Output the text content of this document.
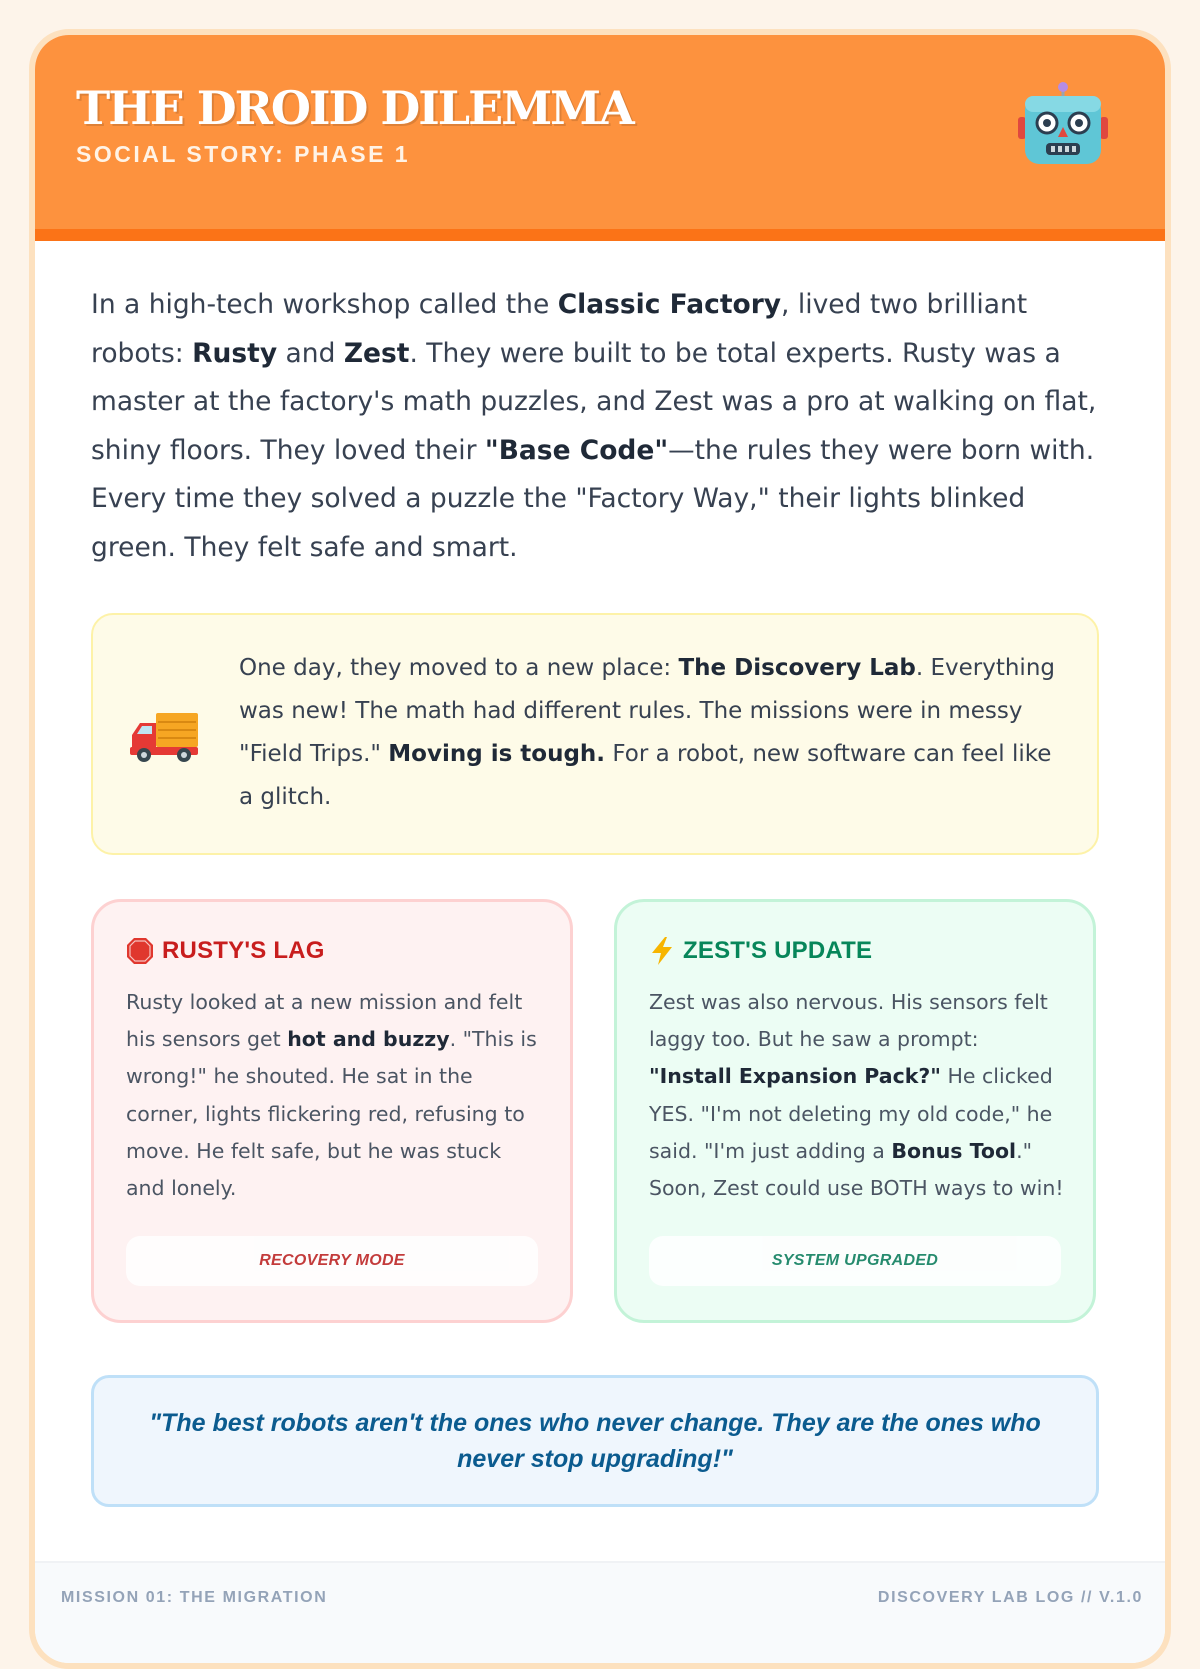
THE DROID DILEMMA
SOCIAL STORY: PHASE 1

In a high-tech workshop called the Classic Factory, lived two brilliant robots: Rusty and Zest. They were built to be total experts. Rusty was a master at the factory's math puzzles, and Zest was a pro at walking on flat, shiny floors. They loved their "Base Code"—the rules they were born with. Every time they solved a puzzle the "Factory Way," their lights blinked green. They felt safe and smart.

One day, they moved to a new place: The Discovery Lab. Everything was new! The math had different rules. The missions were in messy "Field Trips." Moving is tough. For a robot, new software can feel like a glitch.

RUSTY'S LAG

Rusty looked at a new mission and felt his sensors get hot and buzzy. "This is wrong!" he shouted. He sat in the corner, lights flickering red, refusing to move. He felt safe, but he was stuck and lonely.

RECOVERY MODE
ZEST'S UPDATE

Zest was also nervous. His sensors felt laggy too. But he saw a prompt: "Install Expansion Pack?" He clicked YES. "I'm not deleting my old code," he said. "I'm just adding a Bonus Tool." Soon, Zest could use BOTH ways to win!

SYSTEM UPGRADED

"The best robots aren't the ones who never change. They are the ones who never stop upgrading!"

MISSION 01: THE MIGRATION	DISCOVERY LAB LOG // V.1.0
